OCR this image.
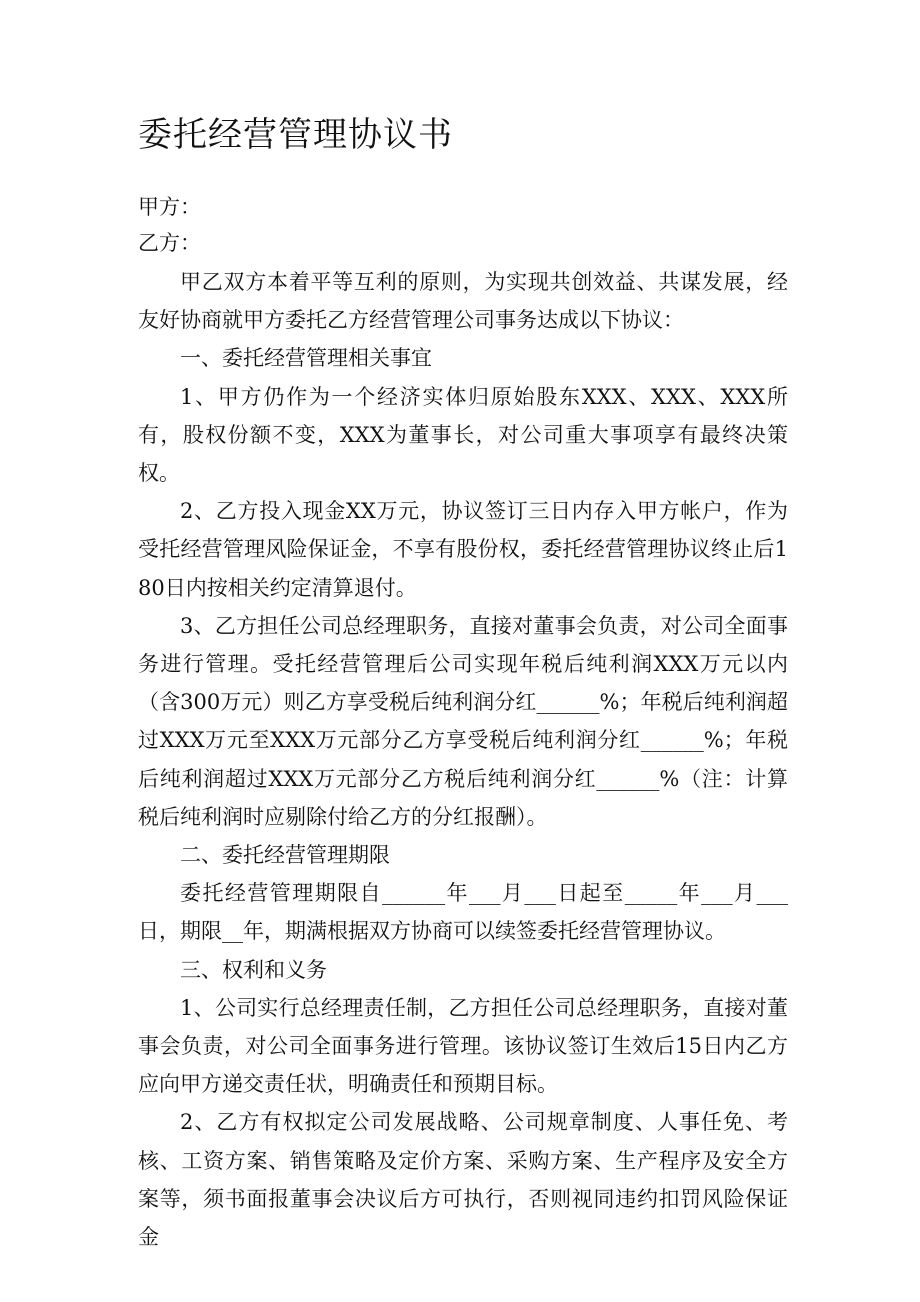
委托经营管理协议书
甲方：
乙方：

甲乙双方本着平等互利的原则，为实现共创效益、共谋发展，经友好协商就甲方委托乙方经营管理公司事务达成以下协议：

一、委托经营管理相关事宜

1、甲方仍作为一个经济实体归原始股东XXX、XXX、XXX所有，股权份额不变，XXX为董事长，对公司重大事项享有最终决策权。

2、乙方投入现金XX万元，协议签订三日内存入甲方帐户，作为受托经营管理风险保证金，不享有股份权，委托经营管理协议终止后180日内按相关约定清算退付。

3、乙方担任公司总经理职务，直接对董事会负责，对公司全面事务进行管理。受托经营管理后公司实现年税后纯利润XXX万元以内（含300万元）则乙方享受税后纯利润分红______%；年税后纯利润超过XXX万元至XXX万元部分乙方享受税后纯利润分红______%；年税后纯利润超过XXX万元部分乙方税后纯利润分红______%（注：计算税后纯利润时应剔除付给乙方的分红报酬）。

二、委托经营管理期限

委托经营管理期限自______年___月___日起至_____年___月___日，期限__年，期满根据双方协商可以续签委托经营管理协议。

三、权利和义务

1、公司实行总经理责任制，乙方担任公司总经理职务，直接对董事会负责，对公司全面事务进行管理。该协议签订生效后15日内乙方应向甲方递交责任状，明确责任和预期目标。

2、乙方有权拟定公司发展战略、公司规章制度、人事任免、考核、工资方案、销售策略及定价方案、采购方案、生产程序及安全方案等，须书面报董事会决议后方可执行，否则视同违约扣罚风险保证金
